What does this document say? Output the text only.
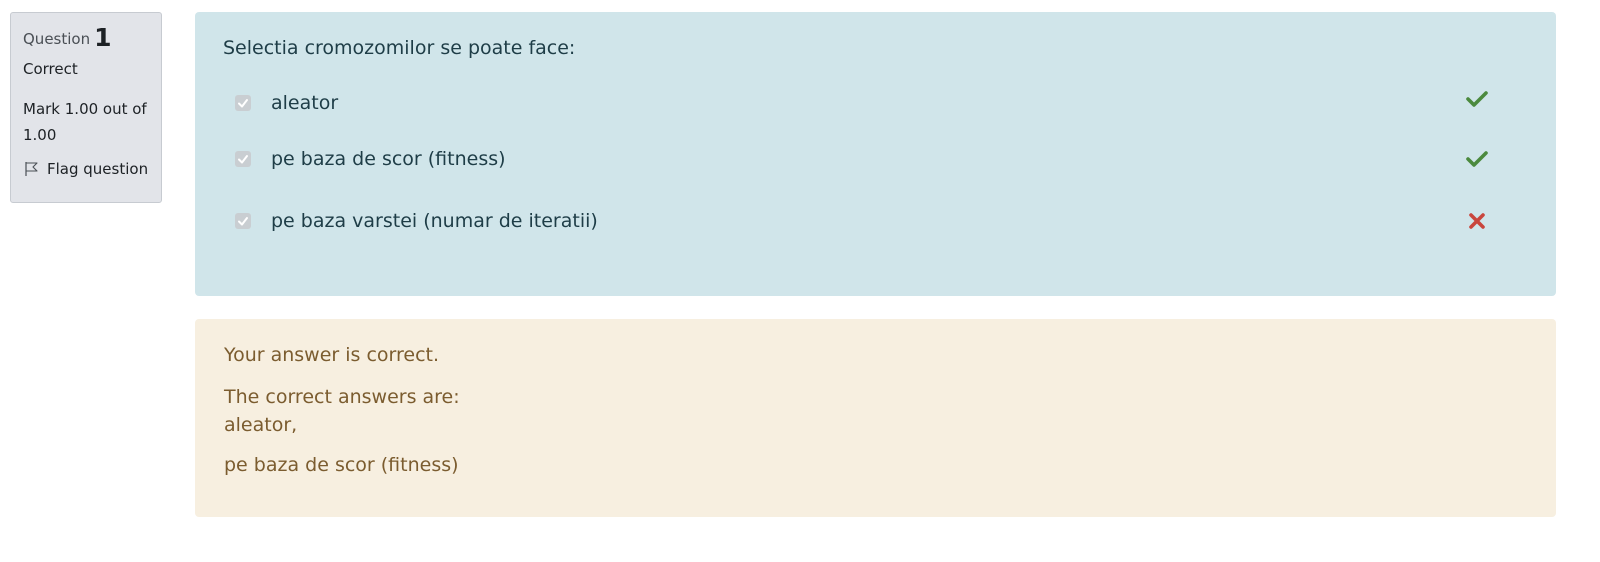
Question 1
Correct
Mark 1.00 out of 1.00
Flag question
Selectia cromozomilor se poate face:
aleator
pe baza de scor (fitness)
pe baza varstei (numar de iteratii)
Your answer is correct.
The correct answers are:
aleator,
pe baza de scor (fitness)
